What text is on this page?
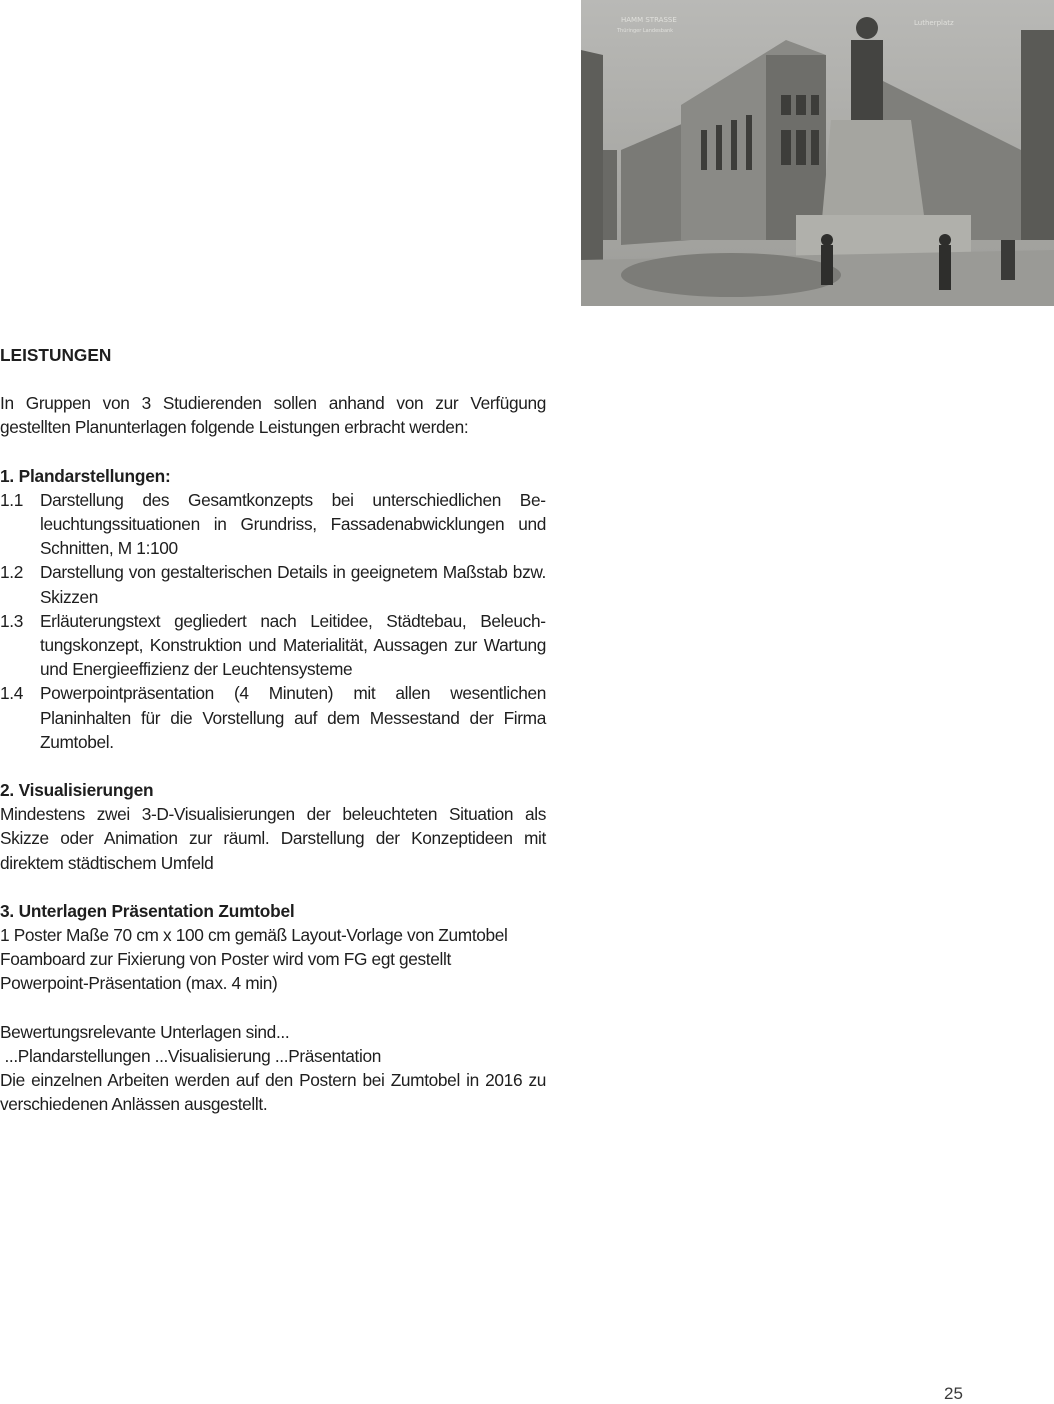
HAMM STRASSE
Thüringer Landesbank
Lutherplatz

LEISTUNGEN

In Gruppen von 3 Studierenden sollen anhand von zur Verfügung gestellten Planunterlagen folgende Leistungen erbracht werden:

1. Plandarstellungen:

1.1 Darstellung des Gesamtkonzepts bei unterschiedlichen Beleuchtungssituationen in Grundriss, Fassadenabwicklungen und Schnitten, M 1:100
1.2 Darstellung von gestalterischen Details in geeignetem Maßstab bzw. Skizzen
1.3 Erläuterungstext gegliedert nach Leitidee, Städtebau, Beleuchtungskonzept, Konstruktion und Materialität, Aussagen zur Wartung und Energieeffizienz der Leuchtensysteme
1.4 Powerpointpräsentation (4 Minuten) mit allen wesentlichen Planinhalten für die Vorstellung auf dem Messestand der Firma Zumtobel.

2. Visualisierungen

Mindestens zwei 3-D-Visualisierungen der beleuchteten Situation als Skizze oder Animation zur räuml. Darstellung der Konzeptideen mit direktem städtischem Umfeld

3. Unterlagen Präsentation Zumtobel

1 Poster Maße 70 cm x 100 cm gemäß Layout-Vorlage von Zumtobel

Foamboard zur Fixierung von Poster wird vom FG egt gestellt

Powerpoint-Präsentation (max. 4 min)

Bewertungsrelevante Unterlagen sind...

...Plandarstellungen ...Visualisierung ...Präsentation

Die einzelnen Arbeiten werden auf den Postern bei Zumtobel in 2016 zu verschiedenen Anlässen ausgestellt.

25
